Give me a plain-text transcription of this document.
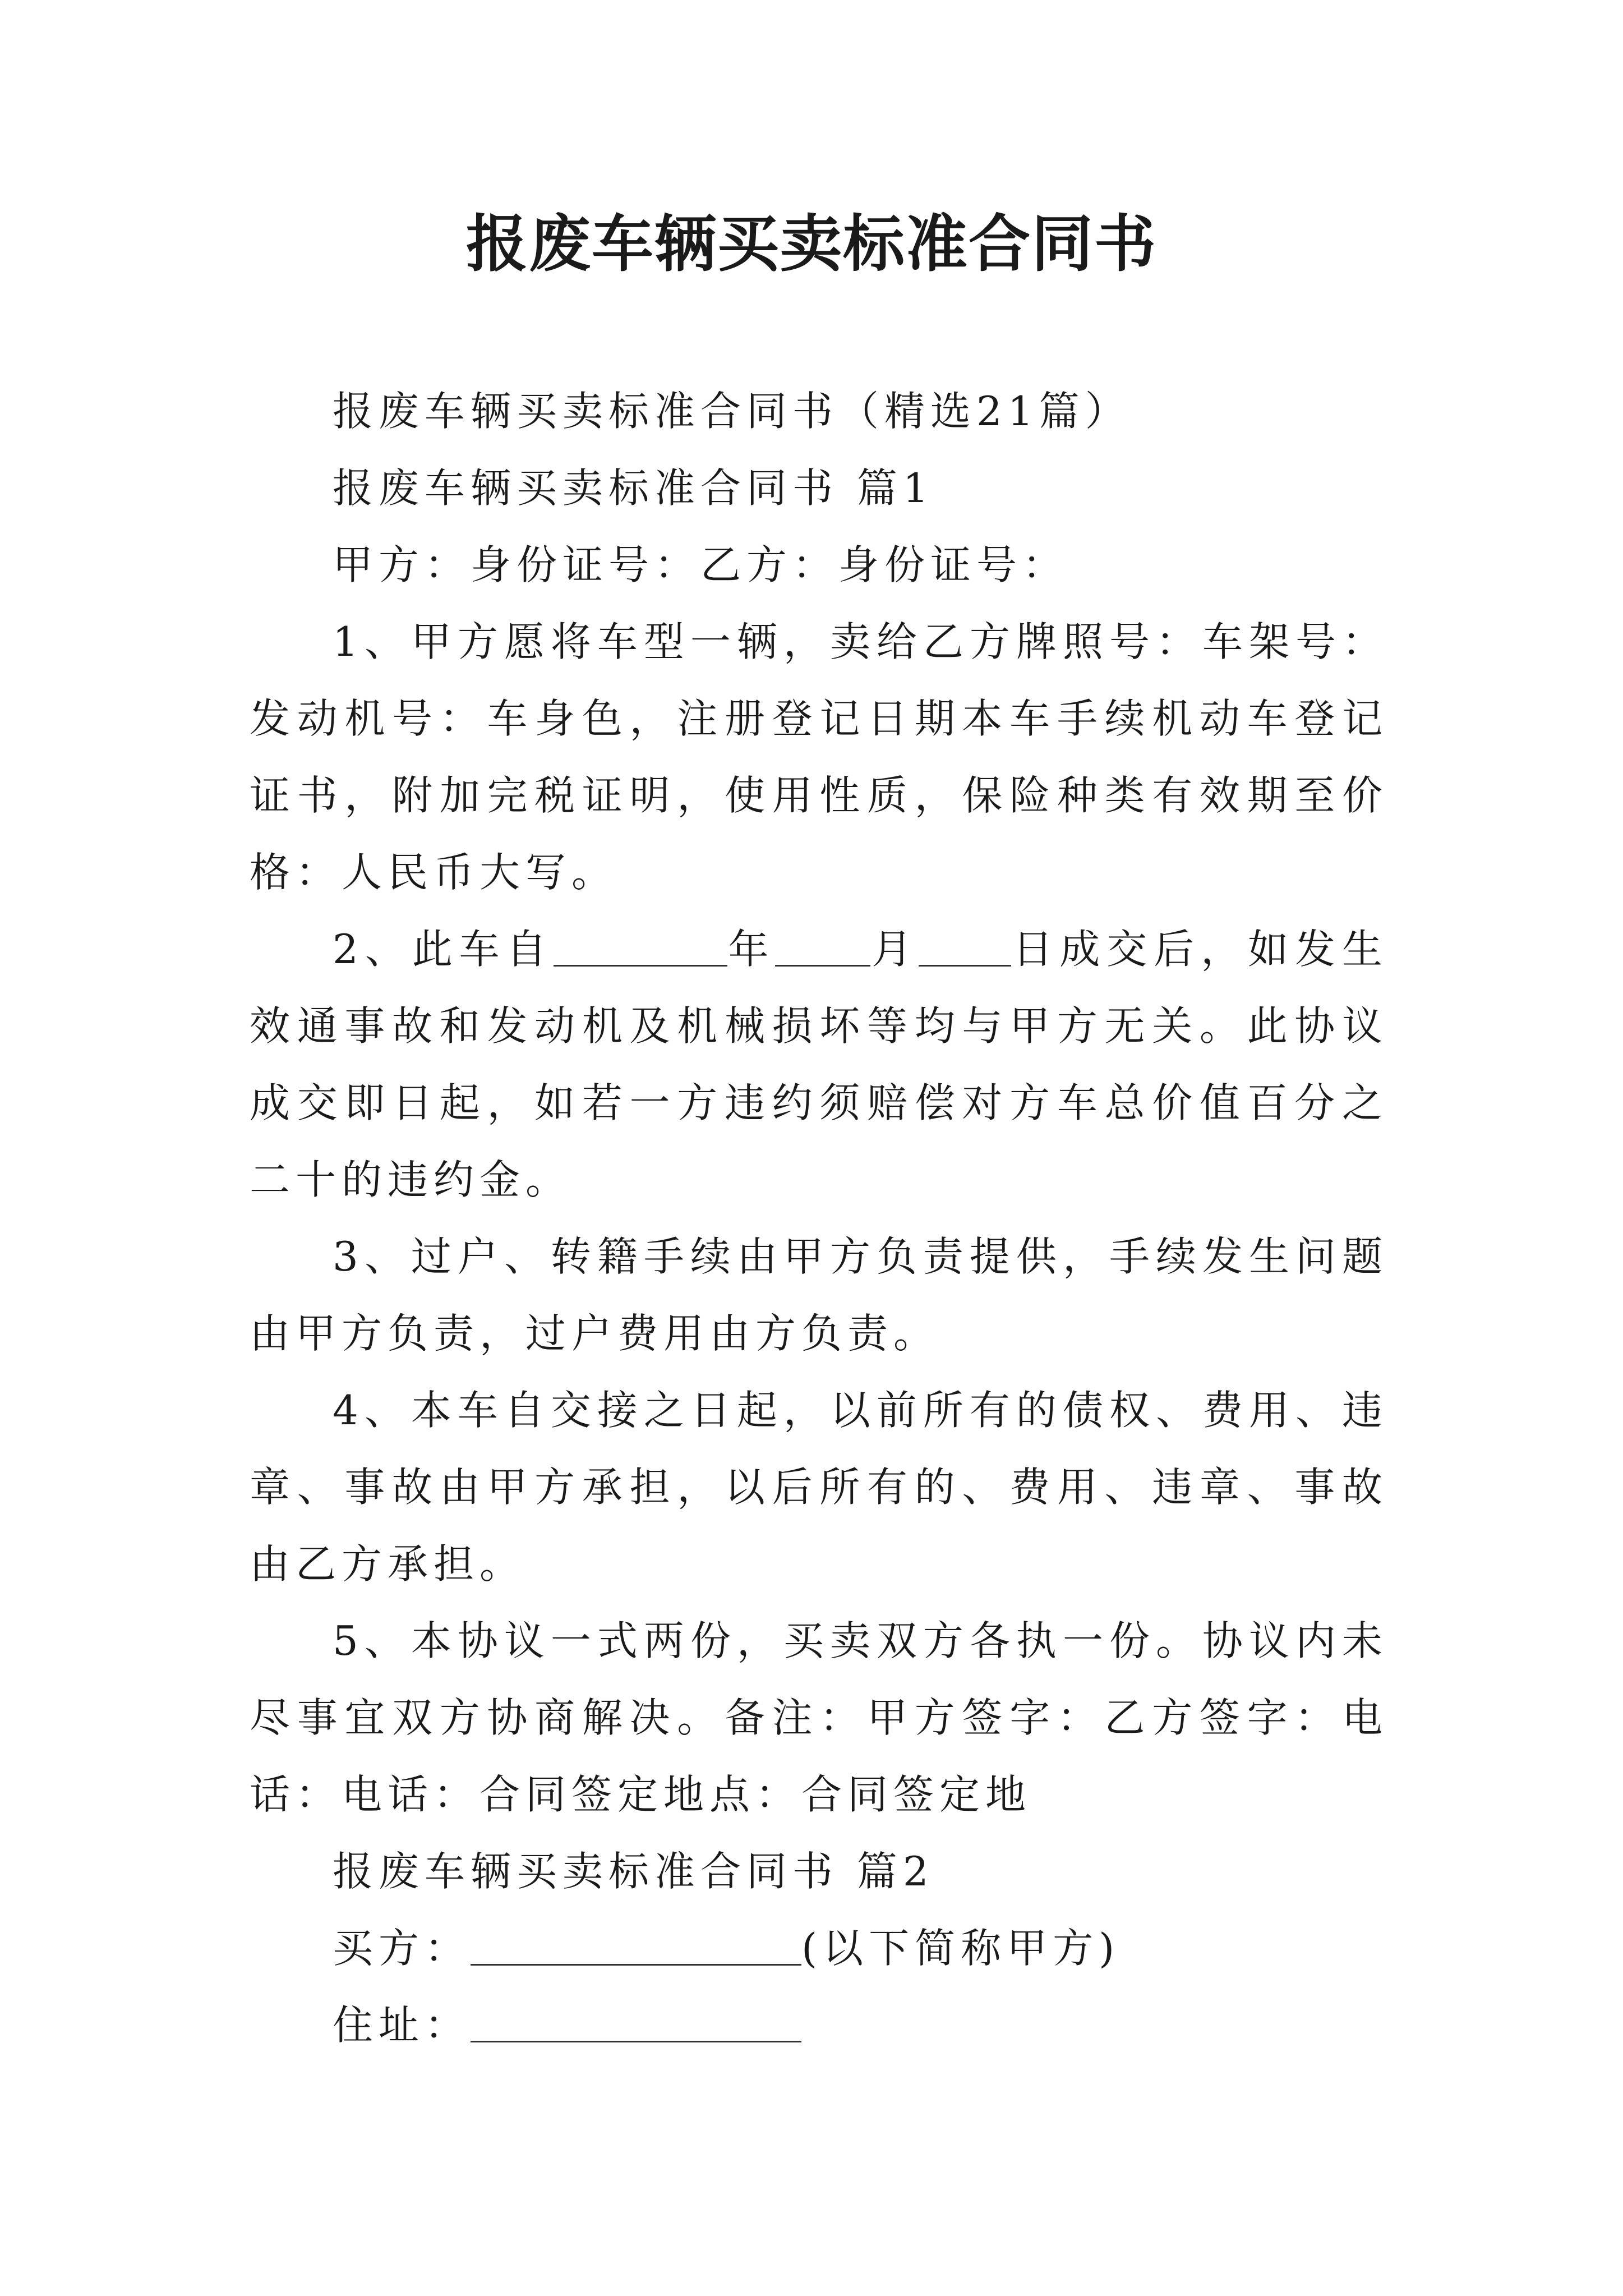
报废车辆买卖标准合同书

报废车辆买卖标准合同书（精选21篇）

报废车辆买卖标准合同书 篇1

甲方：身份证号：乙方：身份证号：

1、甲方愿将车型一辆，卖给乙方牌照号：车架号：发动机号：车身色，注册登记日期本车手续机动车登记证书，附加完税证明，使用性质，保险种类有效期至价格：人民币大写。

2、此车自	年 月 日成交后，如发生效通事故和发动机及机械损坏等均与甲方无关。此协议成交即日起，如若一方违约须赔偿对方车总价值百分之二十的违约金。

3、过户、转籍手续由甲方负责提供，手续发生问题由甲方负责，过户费用由方负责。

4、本车自交接之日起，以前所有的债权、费用、违章、事故由甲方承担，以后所有的、费用、违章、事故由乙方承担。

5、本协议一式两份，买卖双方各执一份。协议内未尽事宜双方协商解决。备注：甲方签字：乙方签字：电话：电话：合同签定地点：合同签定地

报废车辆买卖标准合同书 篇2

买方：	(以下简称甲方)

住址：
